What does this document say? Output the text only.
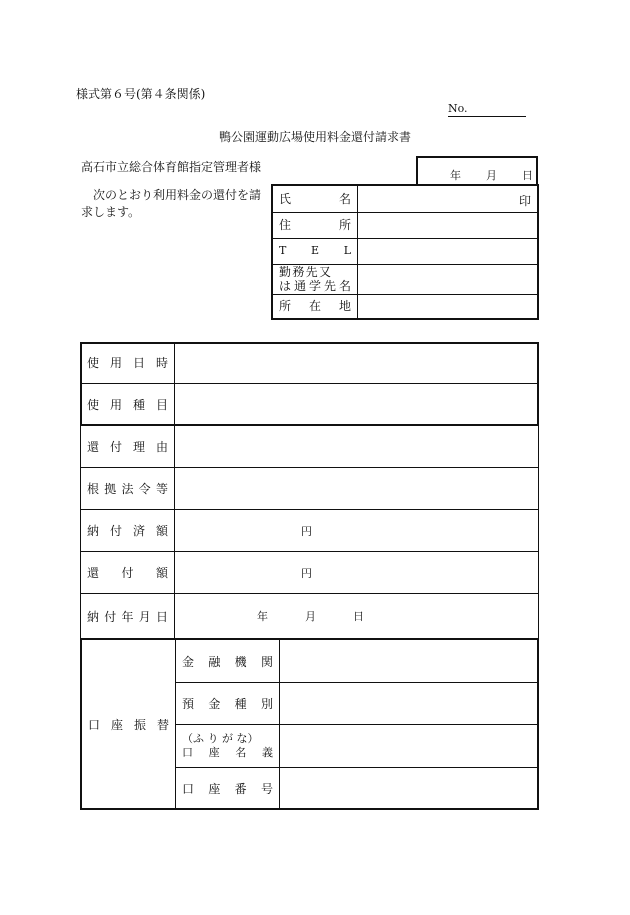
様式第６号(第４条関係)
No.
鴨公園運動広場使用料金還付請求書
高石市立総合体育館指定管理者様
次のとおり利用料金の還付を請求します。
年 月 日
氏	名	印
住	所
T E L
勤 務 先 又
は 通 学 先 名
所 在 地
使 用 日 時
使 用 種 目
還 付 理 由
根 拠 法 令 等
納 付 済 額	円
還 付 額	円
納 付 年 月 日	年	月	日
口 座 振 替
金 融 機 関
預 金 種 別
（ふ り が な）
口 座 名 義
口 座 番 号
